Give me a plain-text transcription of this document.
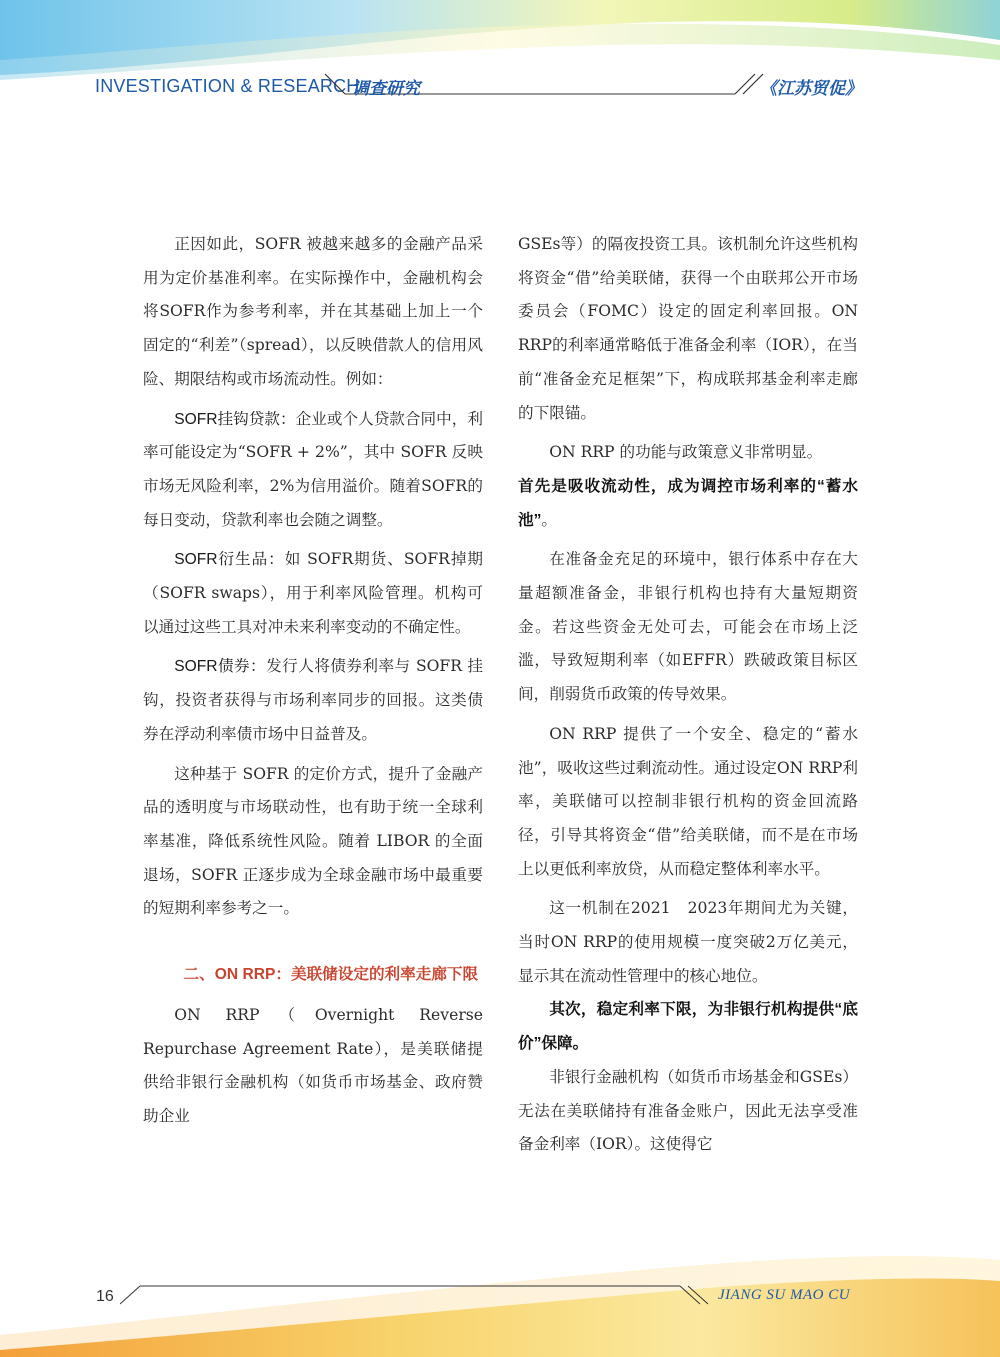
INVESTIGATION & RESEARCH
调查研究	《江苏贸促》

正因如此，SOFR 被越来越多的金融产品采用为定价基准利率。在实际操作中，金融机构会将SOFR作为参考利率，并在其基础上加上一个固定的“利差”（spread），以反映借款人的信用风险、期限结构或市场流动性。例如：

SOFR挂钩贷款：企业或个人贷款合同中，利率可能设定为“SOFR + 2%”，其中 SOFR 反映市场无风险利率，2%为信用溢价。随着SOFR的每日变动，贷款利率也会随之调整。

SOFR衍生品：如 SOFR期货、SOFR掉期（SOFR swaps），用于利率风险管理。机构可以通过这些工具对冲未来利率变动的不确定性。

SOFR债券：发行人将债券利率与 SOFR 挂钩，投资者获得与市场利率同步的回报。这类债券在浮动利率债市场中日益普及。

这种基于 SOFR 的定价方式，提升了金融产品的透明度与市场联动性，也有助于统一全球利率基准，降低系统性风险。随着 LIBOR 的全面退场，SOFR 正逐步成为全球金融市场中最重要的短期利率参考之一。

二、ON RRP：美联储设定的利率走廊下限

ON RRP（Overnight Reverse Repurchase Agreement Rate），是美联储提供给非银行金融机构（如货币市场基金、政府赞助企业

GSEs等）的隔夜投资工具。该机制允许这些机构将资金“借”给美联储，获得一个由联邦公开市场委员会（FOMC）设定的固定利率回报。ON RRP的利率通常略低于准备金利率（IOR），在当前“准备金充足框架”下，构成联邦基金利率走廊的下限锚。

ON RRP 的功能与政策意义非常明显。

首先是吸收流动性，成为调控市场利率的“蓄水池”。

在准备金充足的环境中，银行体系中存在大量超额准备金，非银行机构也持有大量短期资金。若这些资金无处可去，可能会在市场上泛滥，导致短期利率（如EFFR）跌破政策目标区间，削弱货币政策的传导效果。

ON RRP 提供了一个安全、稳定的“蓄水池”，吸收这些过剩流动性。通过设定ON RRP利率，美联储可以控制非银行机构的资金回流路径，引导其将资金“借”给美联储，而不是在市场上以更低利率放贷，从而稳定整体利率水平。

这一机制在2021　2023年期间尤为关键，当时ON RRP的使用规模一度突破2万亿美元，显示其在流动性管理中的核心地位。

其次，稳定利率下限，为非银行机构提供“底价”保障。

非银行金融机构（如货币市场基金和GSEs）无法在美联储持有准备金账户，因此无法享受准备金利率（IOR）。这使得它

16	JIANG SU MAO CU
